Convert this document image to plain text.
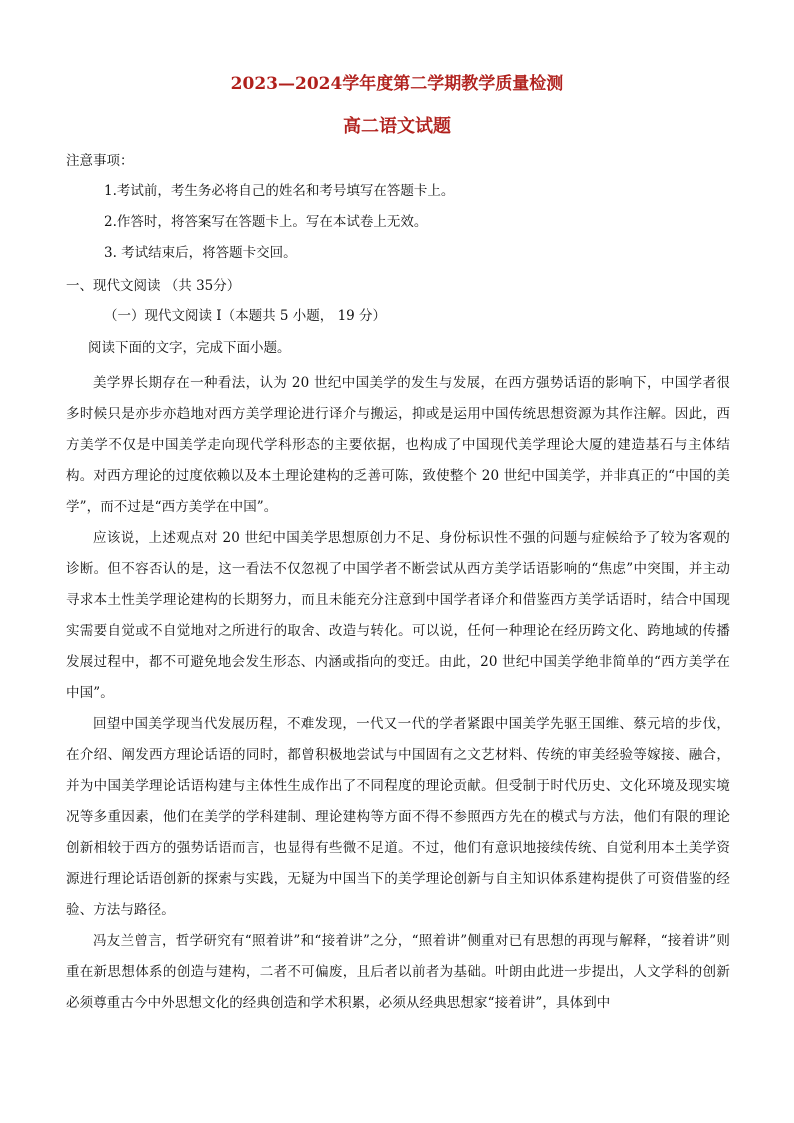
2023—2024学年度第二学期教学质量检测
高二语文试题
注意事项：
1.考试前，考生务必将自己的姓名和考号填写在答题卡上。
2.作答时，将答案写在答题卡上。写在本试卷上无效。
3. 考试结束后，将答题卡交回。
一、现代文阅读 （共 35分）
（一）现代文阅读 I（本题共 5 小题， 19 分）
阅读下面的文字，完成下面小题。

美学界长期存在一种看法，认为 20 世纪中国美学的发生与发展，在西方强势话语的影响下，中国学者很多时候只是亦步亦趋地对西方美学理论进行译介与搬运，抑或是运用中国传统思想资源为其作注解。因此，西方美学不仅是中国美学走向现代学科形态的主要依据，也构成了中国现代美学理论大厦的建造基石与主体结构。对西方理论的过度依赖以及本土理论建构的乏善可陈，致使整个 20 世纪中国美学，并非真正的“中国的美学”，而不过是“西方美学在中国”。

应该说，上述观点对 20 世纪中国美学思想原创力不足、身份标识性不强的问题与症候给予了较为客观的诊断。但不容否认的是，这一看法不仅忽视了中国学者不断尝试从西方美学话语影响的“焦虑”中突围，并主动寻求本土性美学理论建构的长期努力，而且未能充分注意到中国学者译介和借鉴西方美学话语时，结合中国现实需要自觉或不自觉地对之所进行的取舍、改造与转化。可以说，任何一种理论在经历跨文化、跨地域的传播发展过程中，都不可避免地会发生形态、内涵或指向的变迁。由此，20 世纪中国美学绝非简单的“西方美学在中国”。

回望中国美学现当代发展历程，不难发现，一代又一代的学者紧跟中国美学先驱王国维、蔡元培的步伐，在介绍、阐发西方理论话语的同时，都曾积极地尝试与中国固有之文艺材料、传统的审美经验等嫁接、融合，并为中国美学理论话语构建与主体性生成作出了不同程度的理论贡献。但受制于时代历史、文化环境及现实境况等多重因素，他们在美学的学科建制、理论建构等方面不得不参照西方先在的模式与方法，他们有限的理论创新相较于西方的强势话语而言，也显得有些微不足道。不过，他们有意识地接续传统、自觉利用本土美学资源进行理论话语创新的探索与实践，无疑为中国当下的美学理论创新与自主知识体系建构提供了可资借鉴的经验、方法与路径。

冯友兰曾言，哲学研究有“照着讲”和“接着讲”之分，“照着讲”侧重对已有思想的再现与解释，“接着讲”则重在新思想体系的创造与建构，二者不可偏废，且后者以前者为基础。叶朗由此进一步提出，人文学科的创新必须尊重古今中外思想文化的经典创造和学术积累，必须从经典思想家“接着讲”，具体到中
